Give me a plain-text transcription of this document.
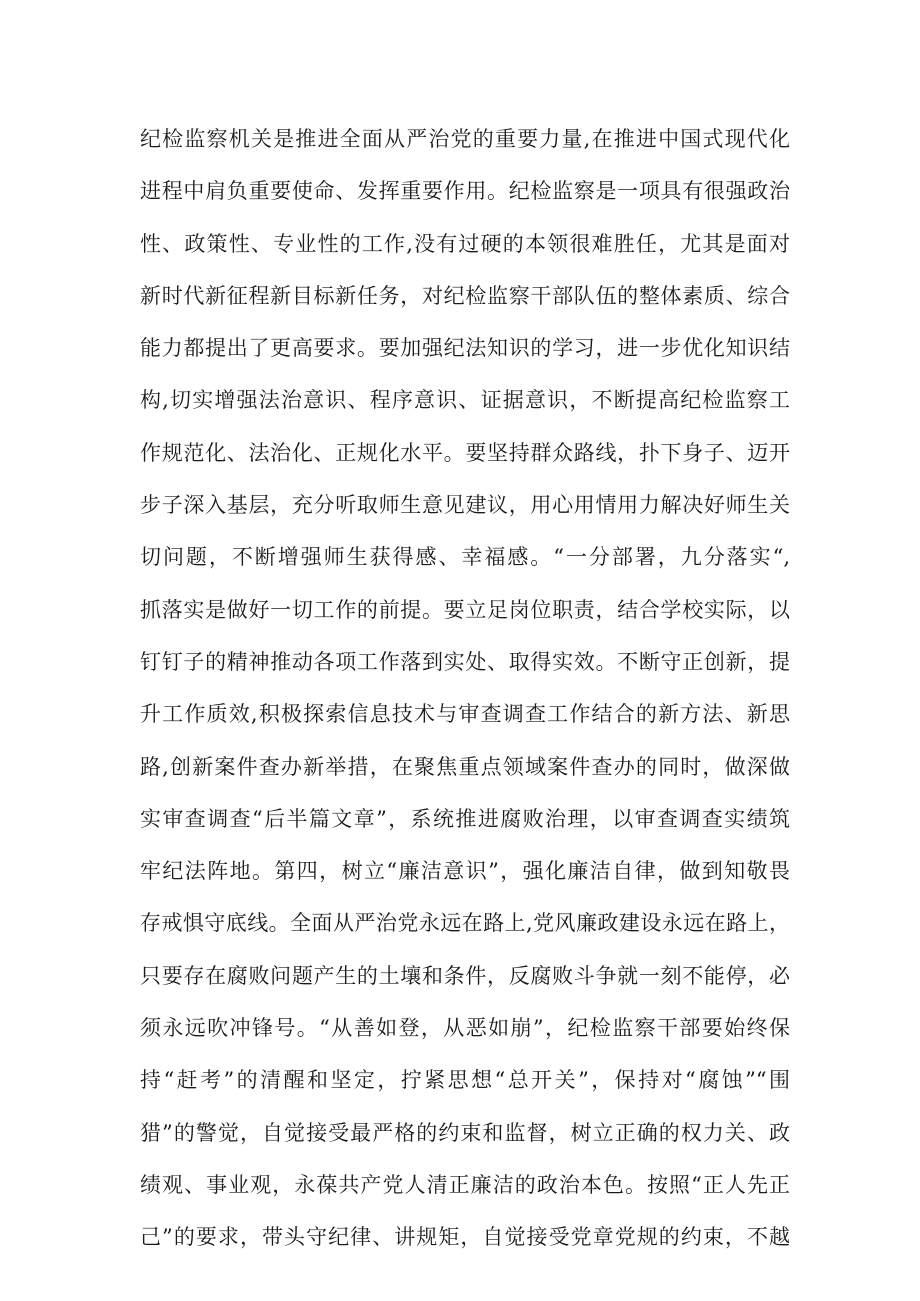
纪检监察机关是推进全面从严治党的重要力量,在推进中国式现代化
进程中肩负重要使命、发挥重要作用。纪检监察是一项具有很强政治
性、政策性、专业性的工作,没有过硬的本领很难胜任，尤其是面对
新时代新征程新目标新任务，对纪检监察干部队伍的整体素质、综合
能力都提出了更高要求。要加强纪法知识的学习，进一步优化知识结
构,切实增强法治意识、程序意识、证据意识，不断提高纪检监察工
作规范化、法治化、正规化水平。要坚持群众路线，扑下身子、迈开
步子深入基层，充分听取师生意见建议，用心用情用力解决好师生关
切问题，不断增强师生获得感、幸福感。“一分部署，九分落实“,
抓落实是做好一切工作的前提。要立足岗位职责，结合学校实际，以
钉钉子的精神推动各项工作落到实处、取得实效。不断守正创新，提
升工作质效,积极探索信息技术与审查调查工作结合的新方法、新思
路,创新案件查办新举措，在聚焦重点领域案件查办的同时，做深做
实审查调查“后半篇文章”，系统推进腐败治理，以审查调查实绩筑
牢纪法阵地。第四，树立“廉洁意识”，强化廉洁自律，做到知敬畏
存戒惧守底线。全面从严治党永远在路上,党风廉政建设永远在路上，
只要存在腐败问题产生的土壤和条件，反腐败斗争就一刻不能停，必
须永远吹冲锋号。“从善如登，从恶如崩”，纪检监察干部要始终保
持“赶考”的清醒和坚定，拧紧思想“总开关”，保持对“腐蚀”“围
猎”的警觉，自觉接受最严格的约束和监督，树立正确的权力关、政
绩观、事业观，永葆共产党人清正廉洁的政治本色。按照“正人先正
己”的要求，带头守纪律、讲规矩，自觉接受党章党规的约束，不越
